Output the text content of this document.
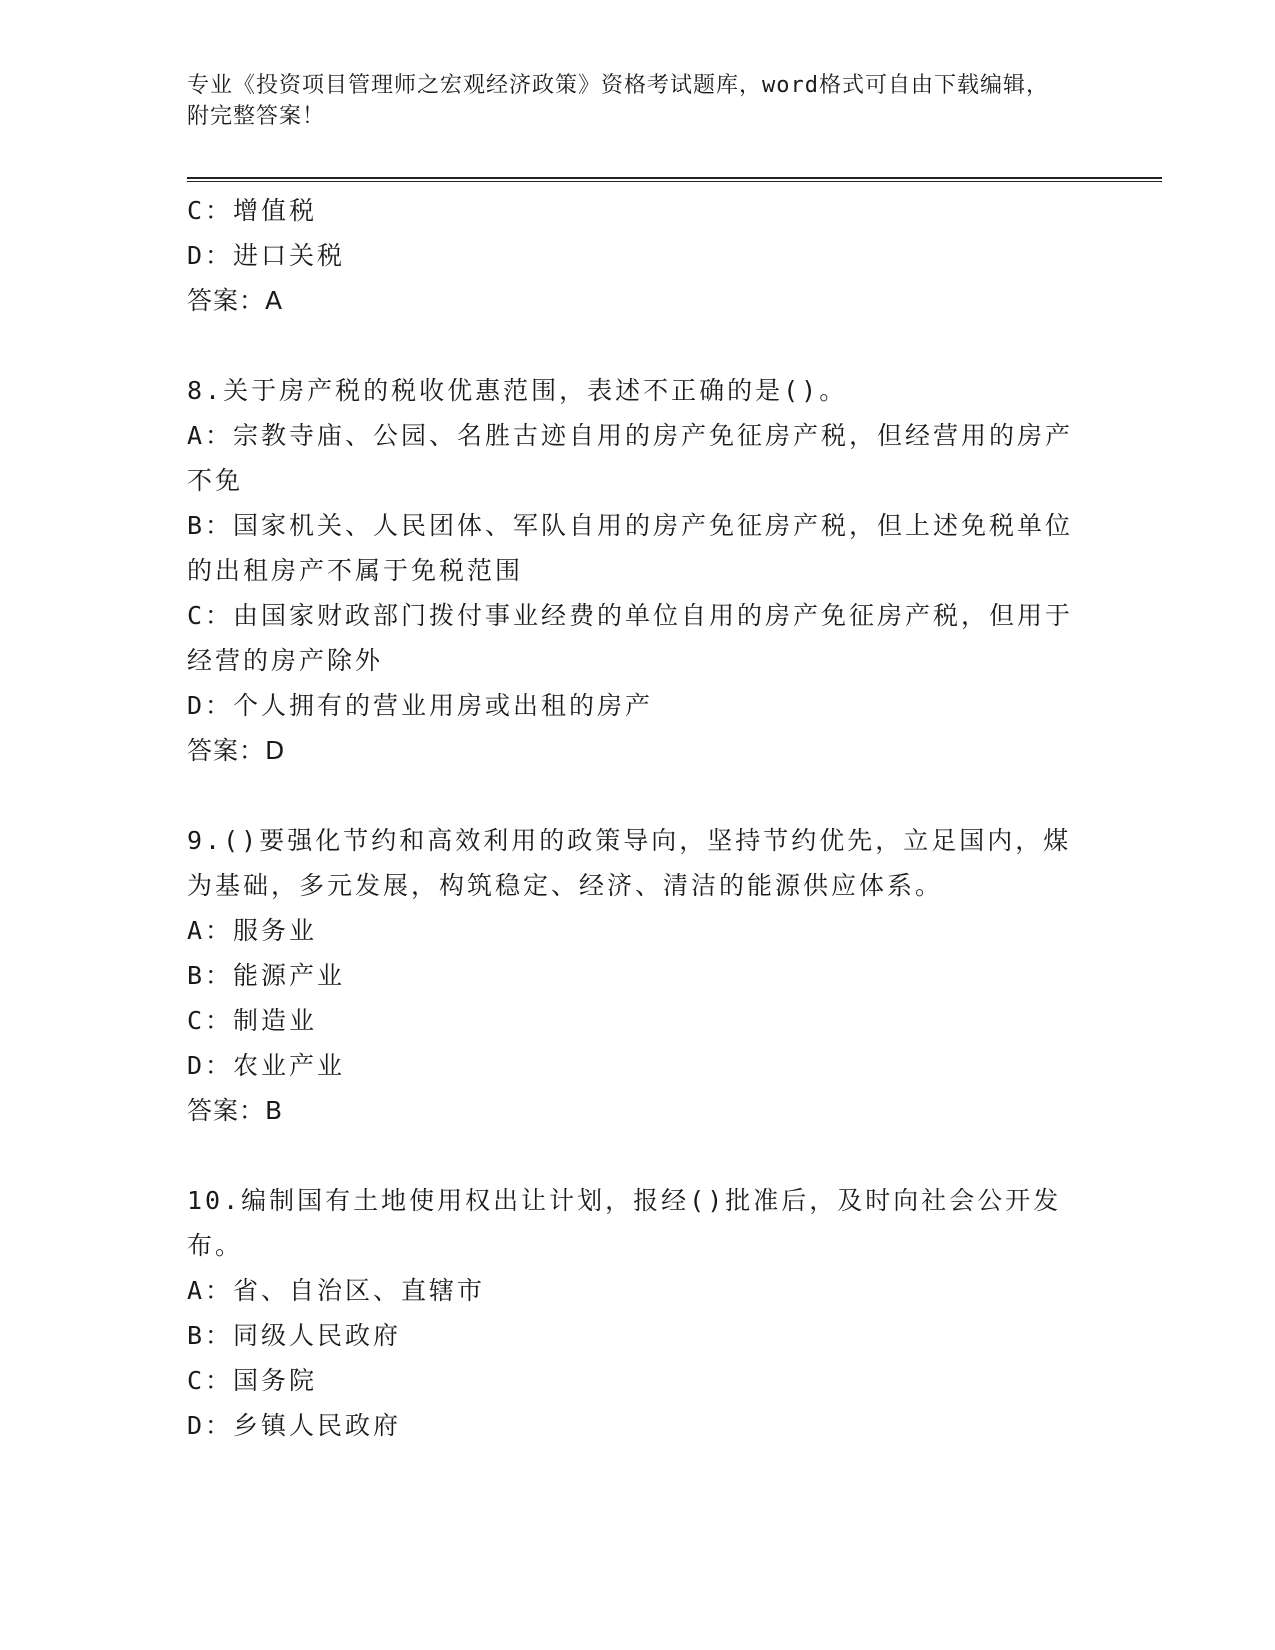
专业《投资项目管理师之宏观经济政策》资格考试题库，word格式可自由下载编辑，附完整答案！

C：增值税

D：进口关税

答案：A

8.关于房产税的税收优惠范围，表述不正确的是()。

A：宗教寺庙、公园、名胜古迹自用的房产免征房产税，但经营用的房产不免

B：国家机关、人民团体、军队自用的房产免征房产税，但上述免税单位的出租房产不属于免税范围

C：由国家财政部门拨付事业经费的单位自用的房产免征房产税，但用于经营的房产除外

D：个人拥有的营业用房或出租的房产

答案：D

9.()要强化节约和高效利用的政策导向，坚持节约优先，立足国内，煤为基础，多元发展，构筑稳定、经济、清洁的能源供应体系。

A：服务业

B：能源产业

C：制造业

D：农业产业

答案：B

10.编制国有土地使用权出让计划，报经()批准后，及时向社会公开发布。

A：省、自治区、直辖市

B：同级人民政府

C：国务院

D：乡镇人民政府
